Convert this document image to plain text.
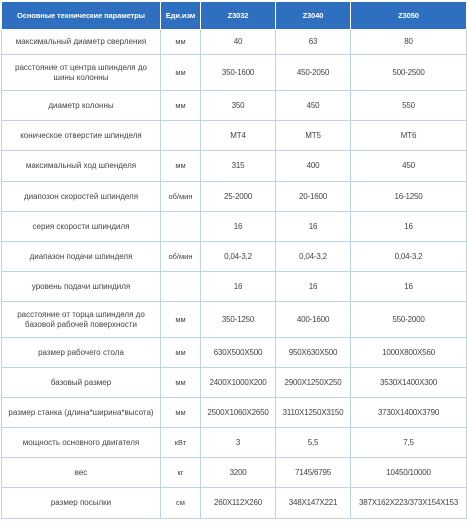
Основные технические параметры	Еди.изм	Z3032	Z3040	Z3050
максимальный диаметр сверления	мм	40	63	80
расстояние от центра шпинделя до шины колонны	мм	350-1600	450-2050	500-2500
диаметр колонны	мм	350	450	550
коническое отверстие шпинделя		МТ4	МТ5	МТ6
максимальный ход шпенделя	мм	315	400	450
диапозон скоростей шпинделя	об/мин	25-2000	20-1600	16-1250
серия скорости шпиндиля		16	16	16
диапазон подачи шпинделя	об/мин	0,04-3,2	0,04-3,2	0,04-3,2
уровень подачи шпиндиля		16	16	16
расстояние от торца шпинделя до базовой рабочей поверхности	мм	350-1250	400-1600	550-2000
размер рабочего стола	мм	630X500X500	950X630X500	1000X800X560
базовый размер	мм	2400X1000X200	2900X1250X250	3530X1400X300
размер станка (длина*ширина*высота)	мм	2500X1060X2650	3110X1250X3150	3730X1400X3790
мощность основного двигателя	кВт	3	5,5	7,5
вес	кг	3200	7145/6795	10450/10000
размер посылки	см	260X112X260	348X147X221	387X162X223/373X154X153
